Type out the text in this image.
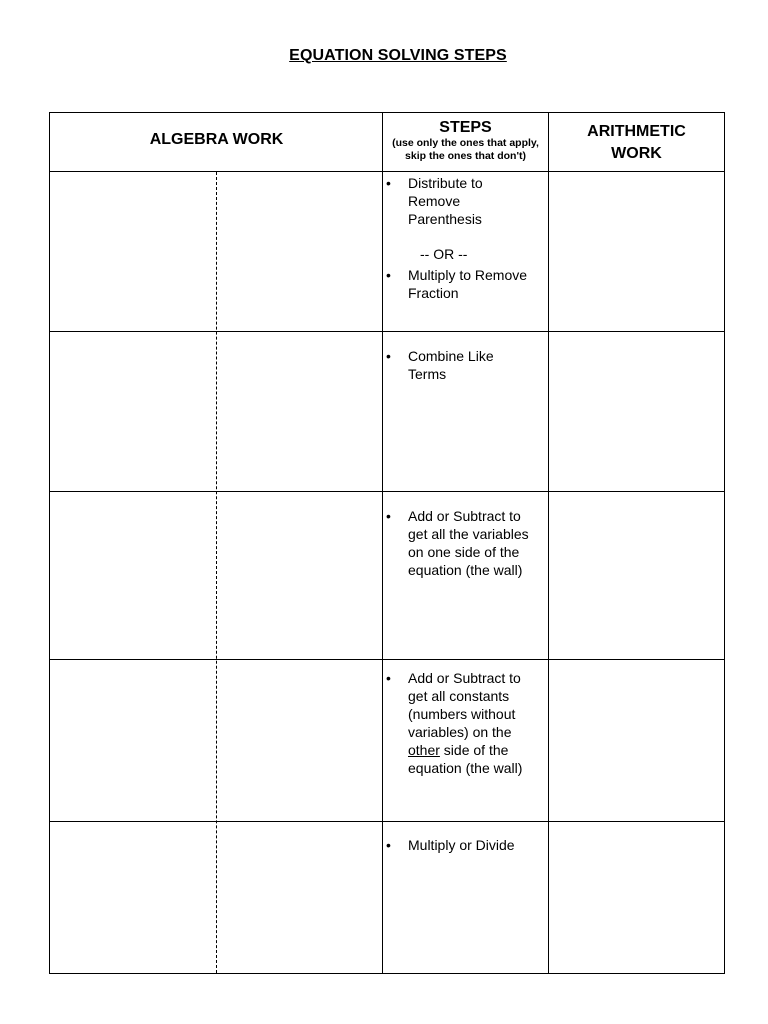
EQUATION SOLVING STEPS
ALGEBRA WORK
STEPS
(use only the ones that apply,
skip the ones that don't)
ARITHMETIC
WORK
• Distribute to
Remove
Parenthesis
-- OR --
• Multiply to Remove
Fraction
• Combine Like
Terms
• Add or Subtract to
get all the variables
on one side of the
equation (the wall)
• Add or Subtract to
get all constants
(numbers without
variables) on the
other side of the
equation (the wall)
• Multiply or Divide
